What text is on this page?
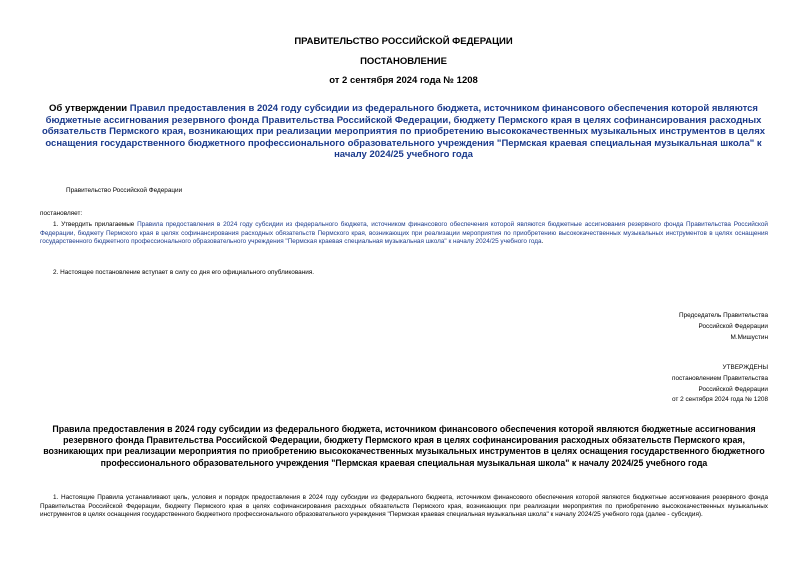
ПРАВИТЕЛЬСТВО РОССИЙСКОЙ ФЕДЕРАЦИИ
ПОСТАНОВЛЕНИЕ
от 2 сентября 2024 года № 1208
Об утверждении Правил предоставления в 2024 году субсидии из федерального бюджета, источником финансового обеспечения которой являются бюджетные ассигнования резервного фонда Правительства Российской Федерации, бюджету Пермского края в целях софинансирования расходных обязательств Пермского края, возникающих при реализации мероприятия по приобретению высококачественных музыкальных инструментов в целях оснащения государственного бюджетного профессионального образовательного учреждения "Пермская краевая специальная музыкальная школа" к началу 2024/25 учебного года
Правительство Российской Федерации
постановляет:
1. Утвердить прилагаемые Правила предоставления в 2024 году субсидии из федерального бюджета, источником финансового обеспечения которой являются бюджетные ассигнования резервного фонда Правительства Российской Федерации, бюджету Пермского края в целях софинансирования расходных обязательств Пермского края, возникающих при реализации мероприятия по приобретению высококачественных музыкальных инструментов в целях оснащения государственного бюджетного профессионального образовательного учреждения "Пермская краевая специальная музыкальная школа" к началу 2024/25 учебного года.
2. Настоящее постановление вступает в силу со дня его официального опубликования.
Председатель Правительства
Российской Федерации
М.Мишустин
УТВЕРЖДЕНЫ
постановлением Правительства
Российской Федерации
от 2 сентября 2024 года № 1208
Правила предоставления в 2024 году субсидии из федерального бюджета, источником финансового обеспечения которой являются бюджетные ассигнования резервного фонда Правительства Российской Федерации, бюджету Пермского края в целях софинансирования расходных обязательств Пермского края, возникающих при реализации мероприятия по приобретению высококачественных музыкальных инструментов в целях оснащения государственного бюджетного профессионального образовательного учреждения "Пермская краевая специальная музыкальная школа" к началу 2024/25 учебного года
1. Настоящие Правила устанавливают цель, условия и порядок предоставления в 2024 году субсидии из федерального бюджета, источником финансового обеспечения которой являются бюджетные ассигнования резервного фонда Правительства Российской Федерации, бюджету Пермского края в целях софинансирования расходных обязательств Пермского края, возникающих при реализации мероприятия по приобретению высококачественных музыкальных инструментов в целях оснащения государственного бюджетного профессионального образовательного учреждения "Пермская краевая специальная музыкальная школа" к началу 2024/25 учебного года (далее - субсидия).
